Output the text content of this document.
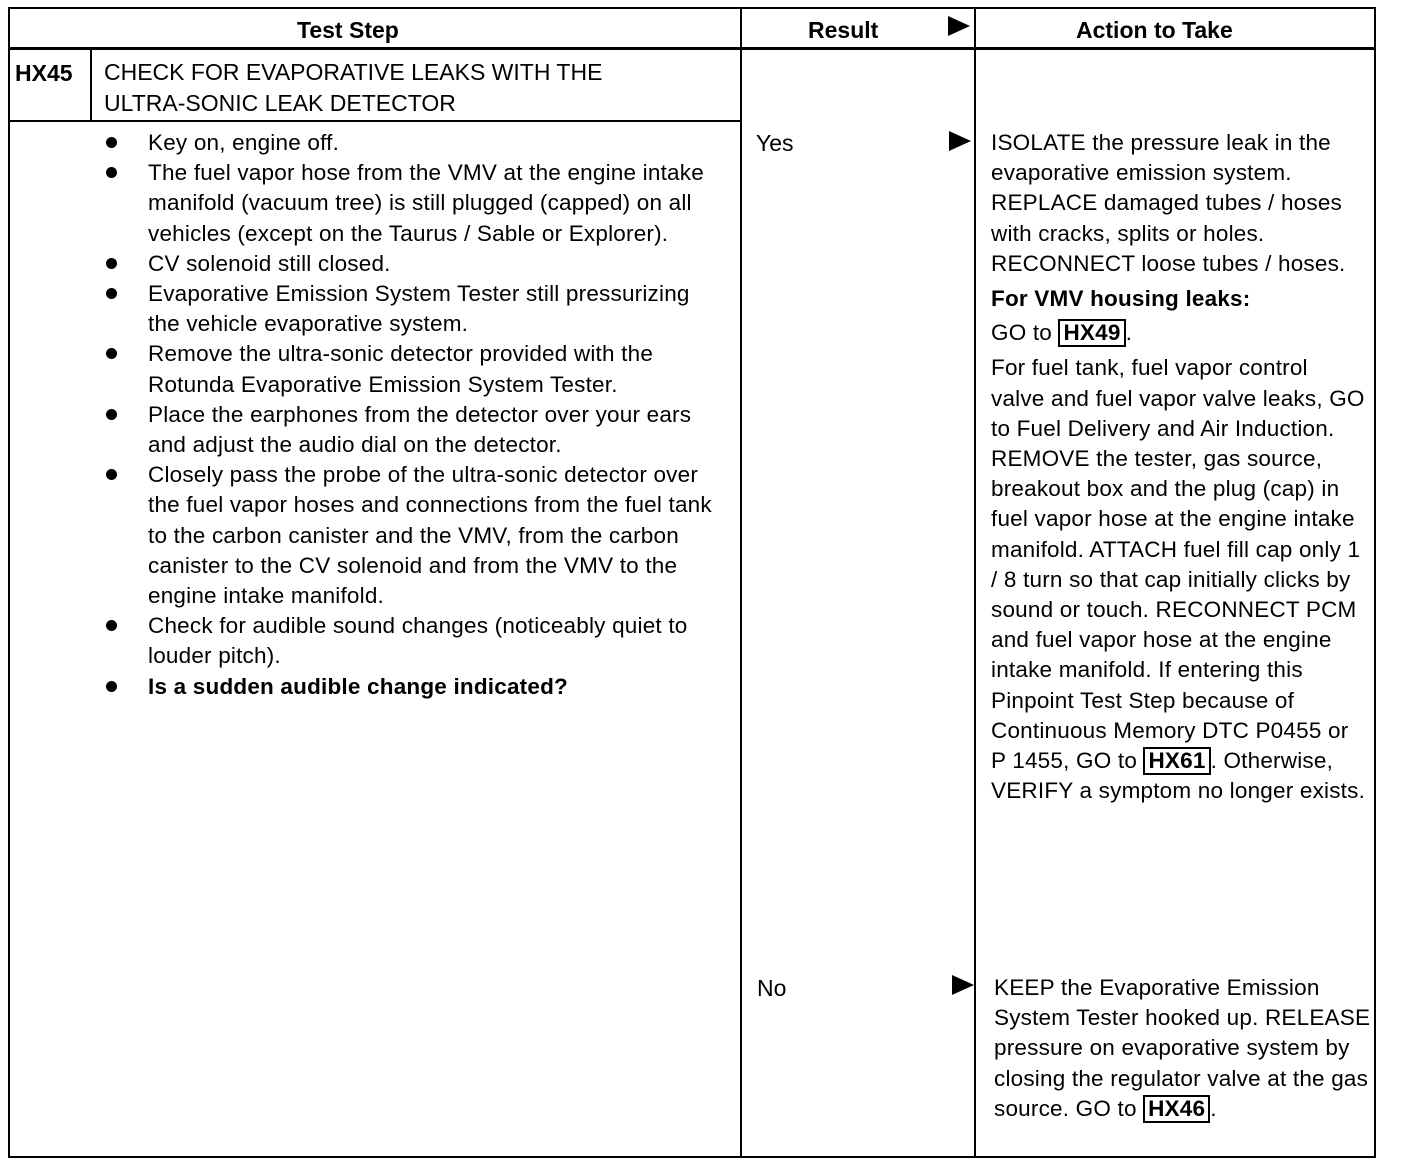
Test Step	Result	Action to Take
HX45 CHECK FOR EVAPORATIVE LEAKS WITH THE
ULTRA-SONIC LEAK DETECTOR
Key on, engine off.
The fuel vapor hose from the VMV at the engine intake manifold (vacuum tree) is still plugged (capped) on all vehicles (except on the Taurus / Sable or Explorer).
CV solenoid still closed.
Evaporative Emission System Tester still pressurizing the vehicle evaporative system.
Remove the ultra-sonic detector provided with the Rotunda Evaporative Emission System Tester.
Place the earphones from the detector over your ears and adjust the audio dial on the detector.
Closely pass the probe of the ultra-sonic detector over the fuel vapor hoses and connections from the fuel tank to the carbon canister and the VMV, from the carbon canister to the CV solenoid and from the VMV to the engine intake manifold.
Check for audible sound changes (noticeably quiet to louder pitch).
Is a sudden audible change indicated?
Yes
No

ISOLATE the pressure leak in the evaporative emission system. REPLACE damaged tubes / hoses with cracks, splits or holes. RECONNECT loose tubes / hoses.

For VMV housing leaks:

GO to HX49 .

For fuel tank, fuel vapor control valve and fuel vapor valve leaks, GO to Fuel Delivery and Air Induction.

REMOVE the tester, gas source, breakout box and the plug (cap) in fuel vapor hose at the engine intake manifold. ATTACH fuel fill cap only 1 / 8 turn so that cap initially clicks by sound or touch. RECONNECT PCM and fuel vapor hose at the engine intake manifold. If entering this Pinpoint Test Step because of Continuous Memory DTC P0455 or P 1455, GO to HX61 . Otherwise, VERIFY a symptom no longer exists.

KEEP the Evaporative Emission System Tester hooked up. RELEASE pressure on evaporative system by closing the regulator valve at the gas source. GO to HX46 .
